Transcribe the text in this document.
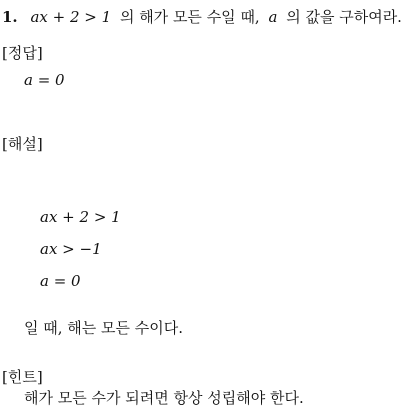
1. ax + 2 > 1 의 해가 모든 수일 때, a 의 값을 구하여라.
[정답]
a = 0
[해설]
ax + 2 > 1
ax > −1
a = 0
일 때, 해는 모든 수이다.
[힌트]
해가 모든 수가 되려면 항상 성립해야 한다.
